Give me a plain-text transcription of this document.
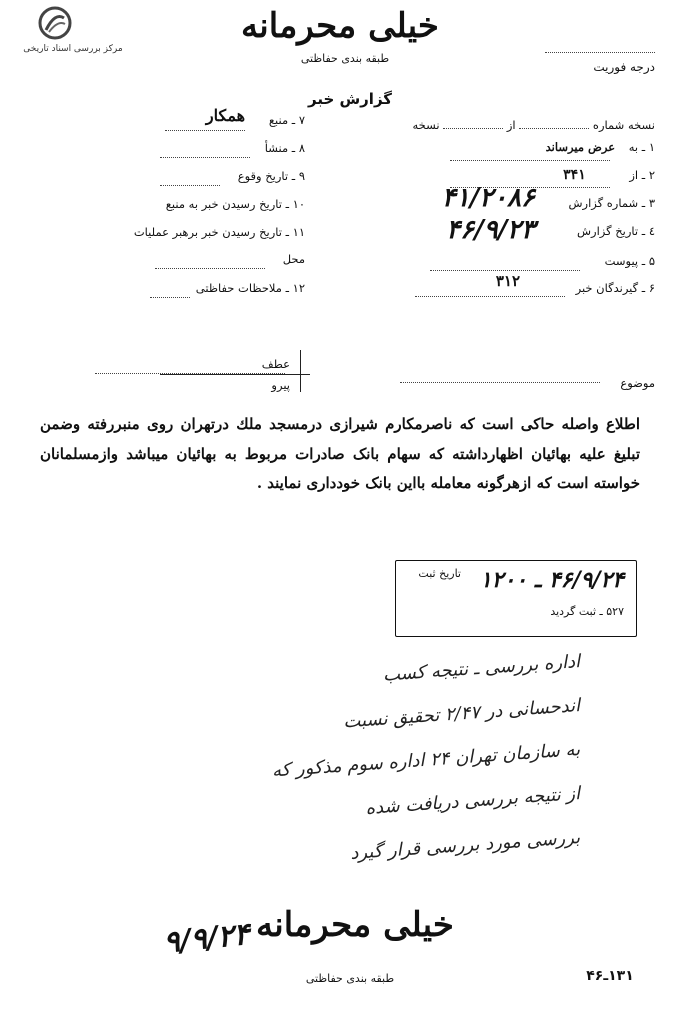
مرکز بررسی اسناد تاریخی
خیلی محرمانه
طبقه بندی حفاظتی
درجه فوریت
گزارش خبر
نسخه شماره  از  نسخه
۱ ـ به عرض میرساند
۲ ـ از ۳۴۱
۳ ـ شماره گزارش
۴۱/۲۰۸۶
٤ ـ تاریخ گزارش
۴۶/۹/۲۳
۵ ـ پیوست
۶ ـ گیرندگان خبر
۳۱۲
۷ ـ منبع
همکار
۸ ـ منشأ
۹ ـ تاریخ وقوع
۱۰ ـ تاریخ رسیدن خبر به منبع
۱۱ ـ تاریخ رسیدن خبر برهبر عملیات
محل
۱۲ ـ ملاحظات حفاظتی
موضوع
عطف
پیرو
اطلاع واصله حاکی است که ناصرمکارم شیرازی درمسجد ملك درتهران روی منبررفته وضمن تبلیغ علیه بهائیان اظهارداشته که سهام بانک صادرات مربوط به بهائیان میباشد وازمسلمانان خواسته است که ازهرگونه معامله بااین بانک خودداری نمایند .
۴۶/۹/۲۴ ـ ۱۲۰۰
تاریخ ثبت
۵۲۷ ـ ثبت گردید
اداره بررسی ـ نتیجه کسب
اندحسانی در ۲/۴۷ تحقیق نسبت
به سازمان تهران ۲۴ اداره سوم مذکور که
از نتیجه بررسی دریافت شده
بررسی مورد بررسی قرار گیرد
۹/۹/۲۴ خیلی محرمانه
طبقه بندی حفاظتی	۱۳۱ـ۴۶
